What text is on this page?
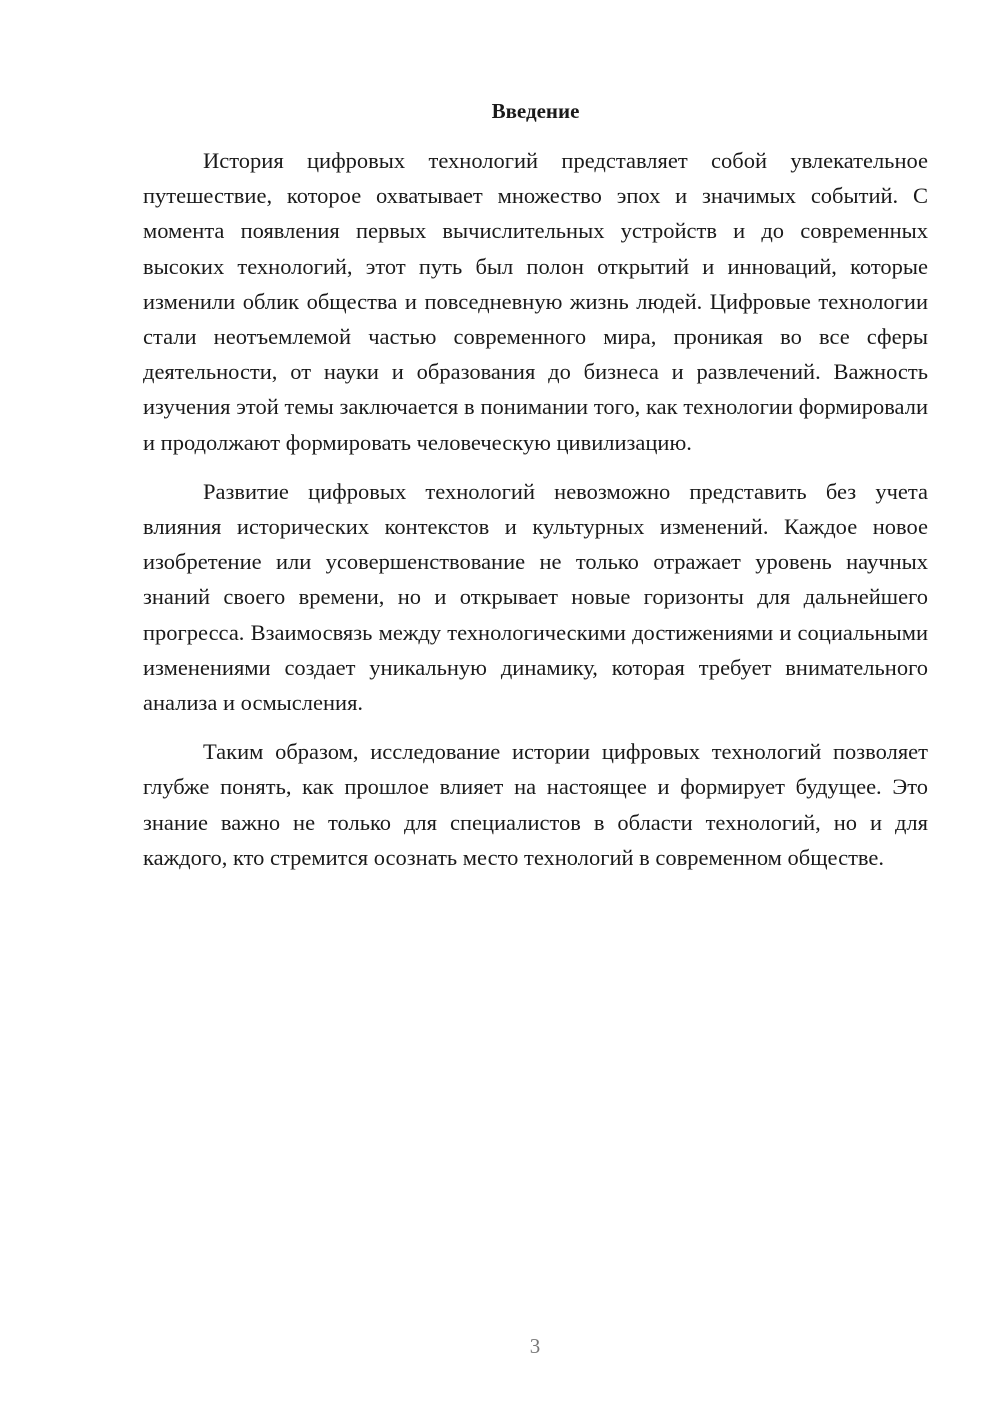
Введение

История цифровых технологий представляет собой увлекательное путешествие, которое охватывает множество эпох и значимых событий. С момента появления первых вычислительных устройств и до современных высоких технологий, этот путь был полон открытий и инноваций, которые изменили облик общества и повседневную жизнь людей. Цифровые технологии стали неотъемлемой частью современного мира, проникая во все сферы деятельности, от науки и образования до бизнеса и развлечений. Важность изучения этой темы заключается в понимании того, как технологии формировали и продолжают формировать человеческую цивилизацию.

Развитие цифровых технологий невозможно представить без учета влияния исторических контекстов и культурных изменений. Каждое новое изобретение или усовершенствование не только отражает уровень научных знаний своего времени, но и открывает новые горизонты для дальнейшего прогресса. Взаимосвязь между технологическими достижениями и социальными изменениями создает уникальную динамику, которая требует внимательного анализа и осмысления.

Таким образом, исследование истории цифровых технологий позволяет глубже понять, как прошлое влияет на настоящее и формирует будущее. Это знание важно не только для специалистов в области технологий, но и для каждого, кто стремится осознать место технологий в современном обществе.

3
